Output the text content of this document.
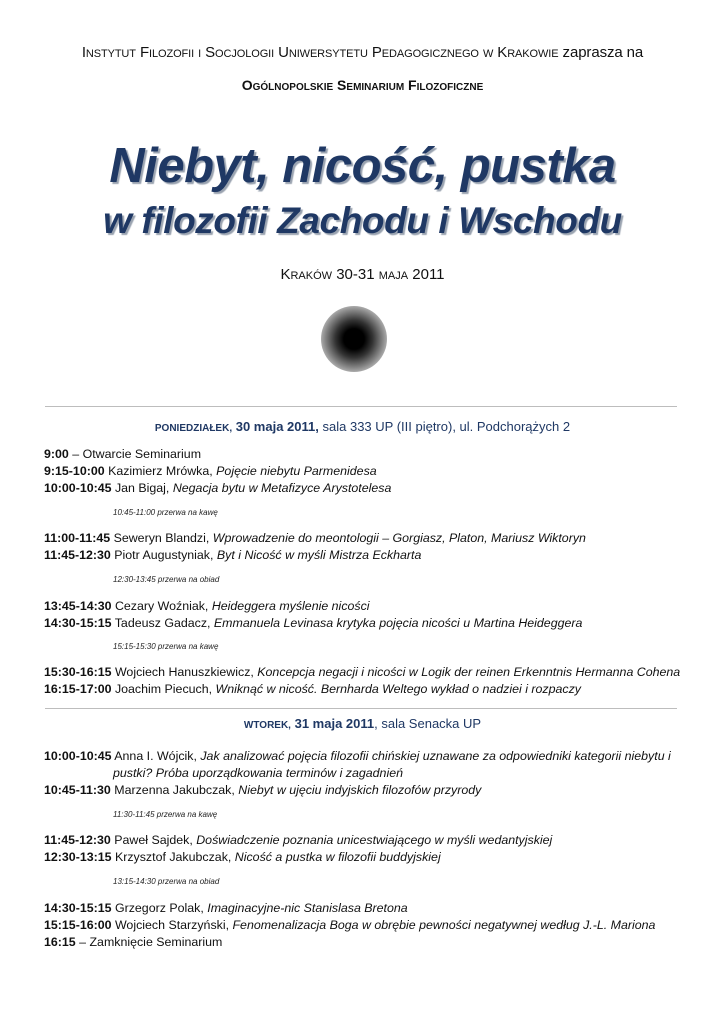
Instytut Filozofii i Socjologii Uniwersytetu Pedagogicznego w Krakowie zaprasza na
Ogólnopolskie Seminarium Filozoficzne
Niebyt, nicość, pustka
w filozofii Zachodu i Wschodu
Kraków 30-31 maja 2011
PONIEDZIAŁEK, 30 maja 2011, sala 333 UP (III piętro), ul. Podchorążych 2
9:00 – Otwarcie Seminarium
9:15-10:00 Kazimierz Mrówka, Pojęcie niebytu Parmenidesa
10:00-10:45 Jan Bigaj, Negacja bytu w Metafizyce Arystotelesa
10:45-11:00 przerwa na kawę
11:00-11:45 Seweryn Blandzi, Wprowadzenie do meontologii – Gorgiasz, Platon, Mariusz Wiktoryn
11:45-12:30 Piotr Augustyniak, Byt i Nicość w myśli Mistrza Eckharta
12:30-13:45 przerwa na obiad
13:45-14:30 Cezary Woźniak, Heideggera myślenie nicości
14:30-15:15 Tadeusz Gadacz, Emmanuela Levinasa krytyka pojęcia nicości u Martina Heideggera
15:15-15:30 przerwa na kawę
15:30-16:15 Wojciech Hanuszkiewicz, Koncepcja negacji i nicości w Logik der reinen Erkenntnis Hermanna Cohena
16:15-17:00 Joachim Piecuch, Wniknąć w nicość. Bernharda Weltego wykład o nadziei i rozpaczy
WTOREK, 31 maja 2011, sala Senacka UP
10:00-10:45 Anna I. Wójcik, Jak analizować pojęcia filozofii chińskiej uznawane za odpowiedniki kategorii niebytu i
pustki? Próba uporządkowania terminów i zagadnień
10:45-11:30 Marzenna Jakubczak, Niebyt w ujęciu indyjskich filozofów przyrody
11:30-11:45 przerwa na kawę
11:45-12:30 Paweł Sajdek, Doświadczenie poznania unicestwiającego w myśli wedantyjskiej
12:30-13:15 Krzysztof Jakubczak, Nicość a pustka w filozofii buddyjskiej
13:15-14:30 przerwa na obiad
14:30-15:15 Grzegorz Polak, Imaginacyjne-nic Stanislasa Bretona
15:15-16:00 Wojciech Starzyński, Fenomenalizacja Boga w obrębie pewności negatywnej według J.-L. Mariona
16:15 – Zamknięcie Seminarium
